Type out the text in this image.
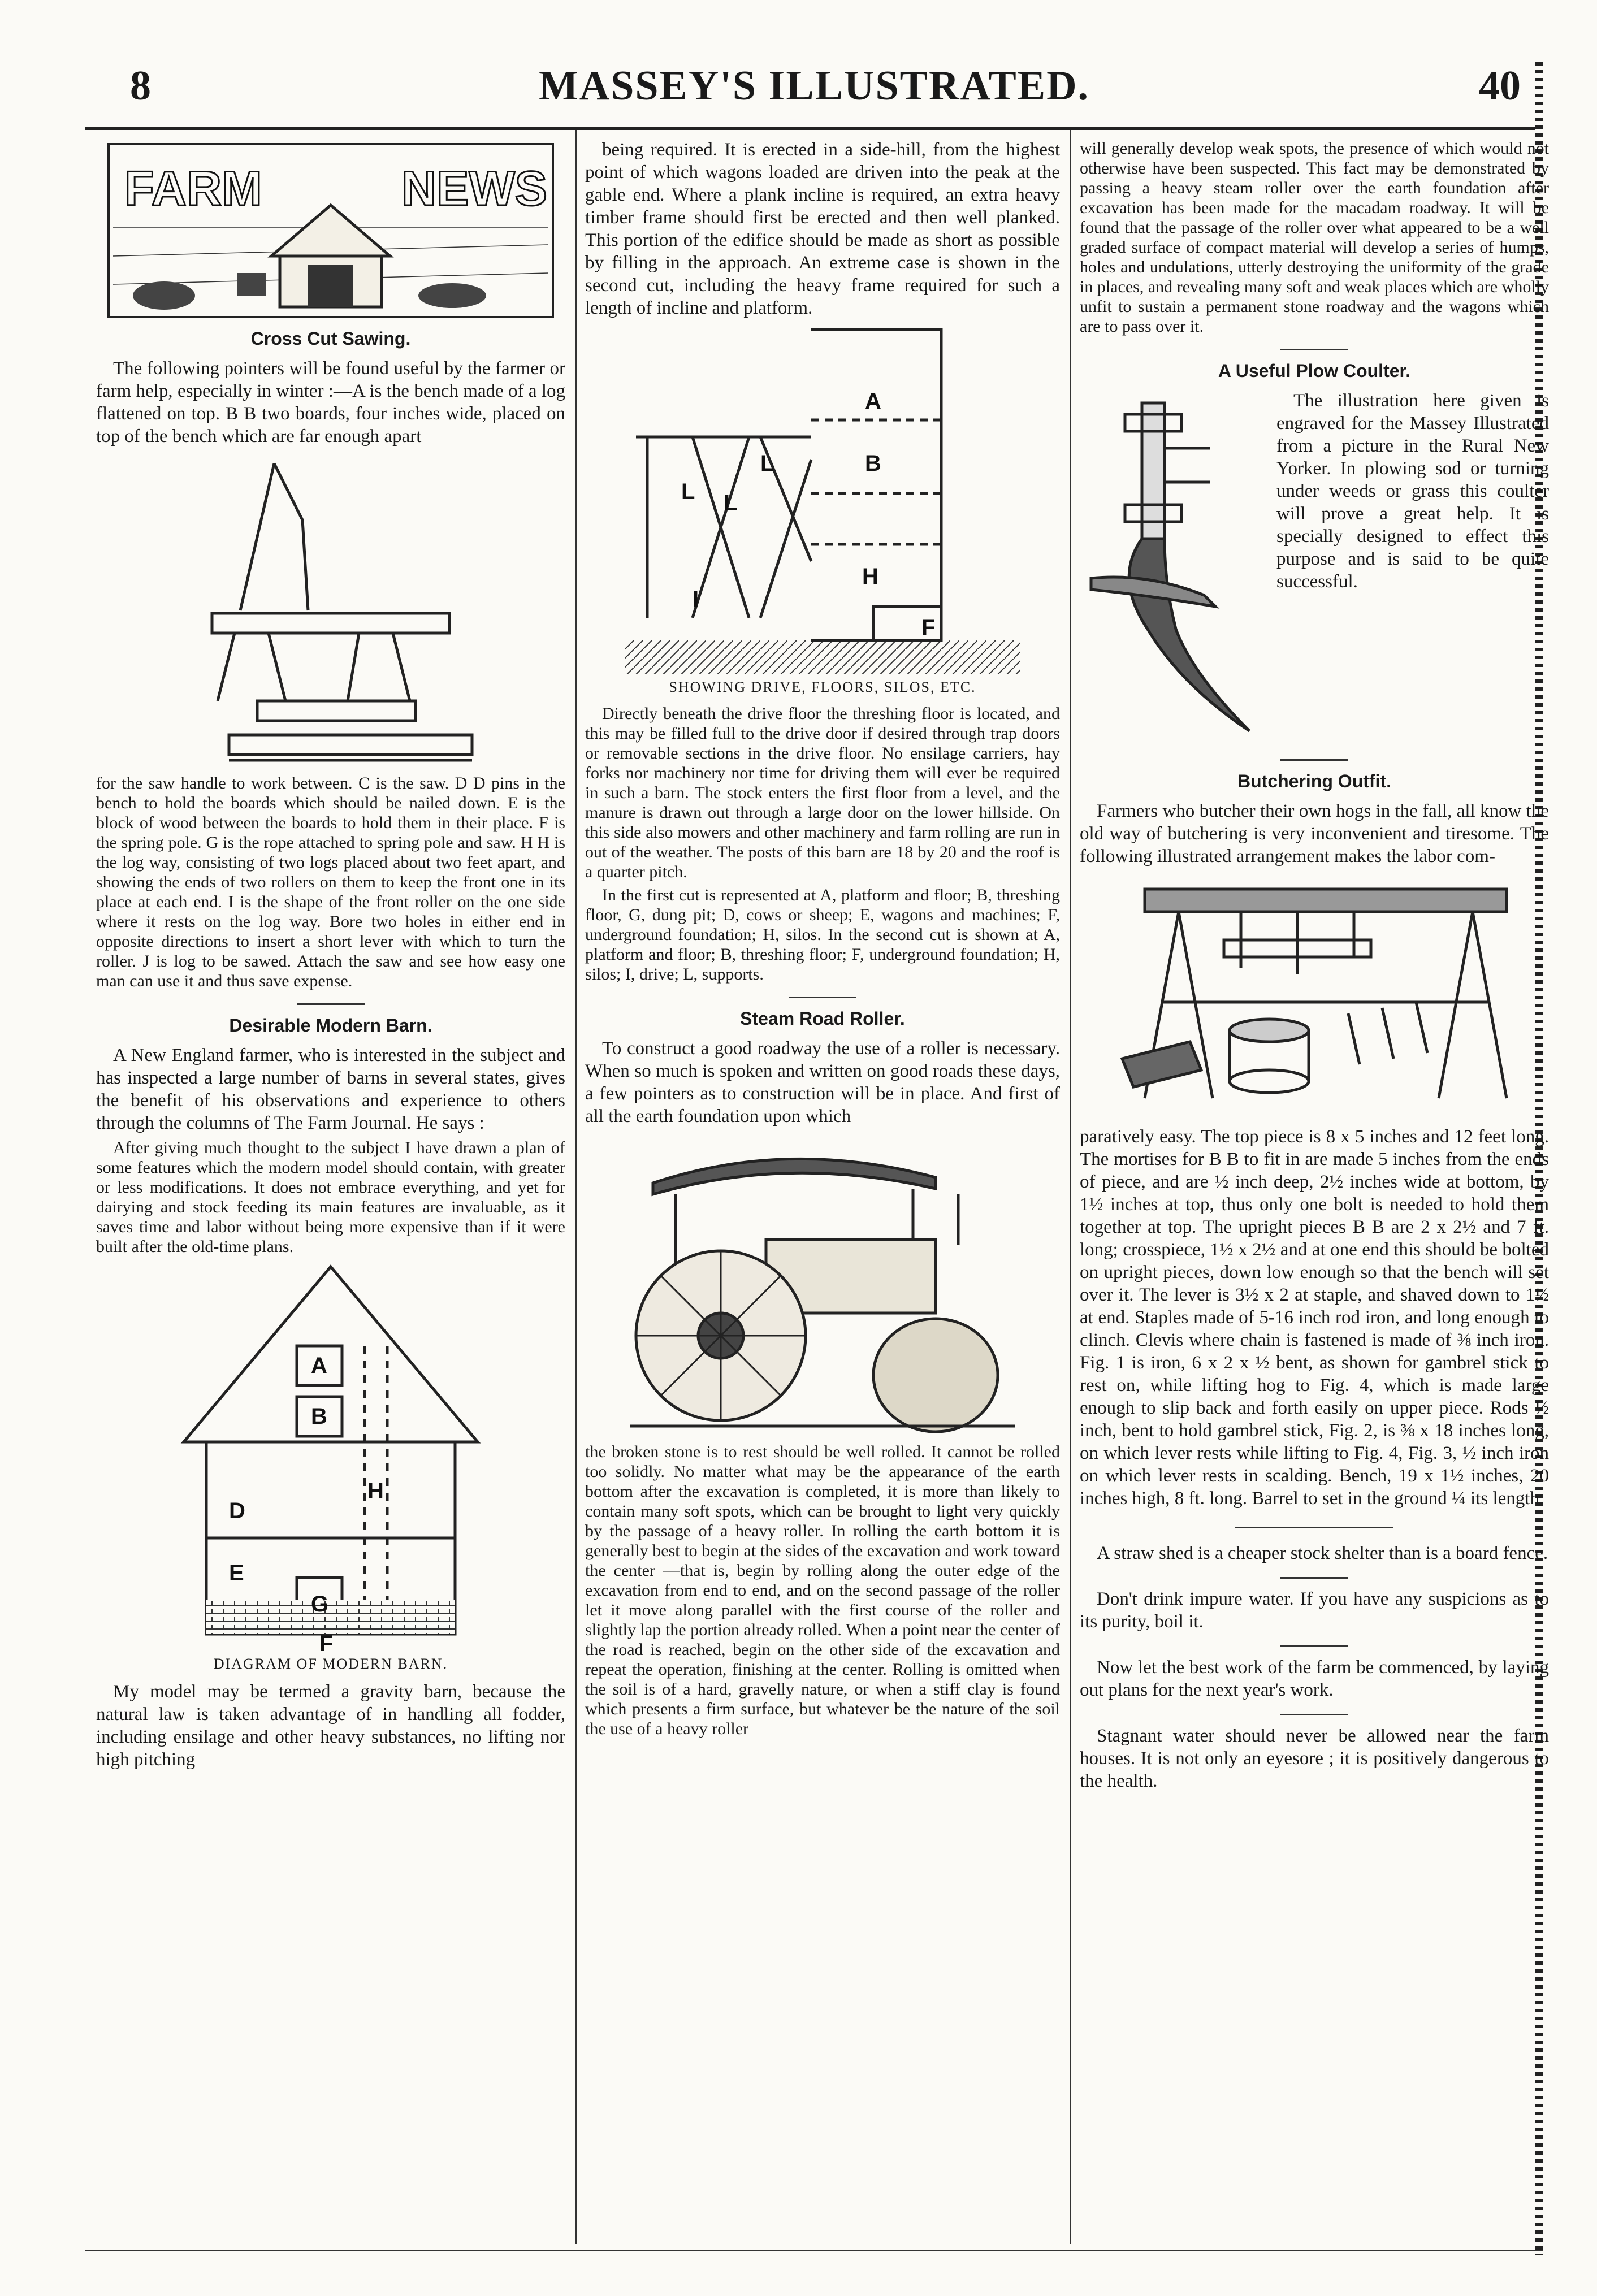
8	MASSEY'S ILLUSTRATED.	40
FARM	NEWS
Cross Cut Sawing.

The following pointers will be found useful by the farmer or farm help, especially in winter :—A is the bench made of a log flattened on top. B B two boards, four inches wide, placed on top of the bench which are far enough apart

for the saw handle to work between. C is the saw. D D pins in the bench to hold the boards which should be nailed down. E is the block of wood between the boards to hold them in their place. F is the spring pole. G is the rope attached to spring pole and saw. H H is the log way, consisting of two logs placed about two feet apart, and showing the ends of two rollers on them to keep the front one in its place at each end. I is the shape of the front roller on the one side where it rests on the log way. Bore two holes in either end in opposite directions to insert a short lever with which to turn the roller. J is log to be sawed. Attach the saw and see how easy one man can use it and thus save expense.

Desirable Modern Barn.

A New England farmer, who is interested in the subject and has inspected a large number of barns in several states, gives the benefit of his observations and experience to others through the columns of The Farm Journal. He says :

After giving much thought to the subject I have drawn a plan of some features which the modern model should contain, with greater or less modifications. It does not embrace everything, and yet for dairying and stock feeding its main features are invaluable, as it saves time and labor without being more expensive than if it were built after the old-time plans.

A
B
D
H
E
G
F
DIAGRAM OF MODERN BARN.

My model may be termed a gravity barn, because the natural law is taken advantage of in handling all fodder, including ensilage and other heavy substances, no lifting nor high pitching

being required. It is erected in a side-hill, from the highest point of which wagons loaded are driven into the peak at the gable end. Where a plank incline is required, an extra heavy timber frame should first be erected and then well planked. This portion of the edifice should be made as short as possible by filling in the approach. An extreme case is shown in the second cut, including the heavy frame required for such a length of incline and platform.

A
B
L
L L
H
I
F
SHOWING DRIVE, FLOORS, SILOS, ETC.

Directly beneath the drive floor the threshing floor is located, and this may be filled full to the drive door if desired through trap doors or removable sections in the drive floor. No ensilage carriers, hay forks nor machinery nor time for driving them will ever be required in such a barn. The stock enters the first floor from a level, and the manure is drawn out through a large door on the lower hillside. On this side also mowers and other machinery and farm rolling are run in out of the weather. The posts of this barn are 18 by 20 and the roof is a quarter pitch.

In the first cut is represented at A, platform and floor; B, threshing floor, G, dung pit; D, cows or sheep; E, wagons and machines; F, underground foundation; H, silos. In the second cut is shown at A, platform and floor; B, threshing floor; F, underground foundation; H, silos; I, drive; L, supports.

Steam Road Roller.

To construct a good roadway the use of a roller is necessary. When so much is spoken and written on good roads these days, a few pointers as to construction will be in place. And first of all the earth foundation upon which

the broken stone is to rest should be well rolled. It cannot be rolled too solidly. No matter what may be the appearance of the earth bottom after the excavation is completed, it is more than likely to contain many soft spots, which can be brought to light very quickly by the passage of a heavy roller. In rolling the earth bottom it is generally best to begin at the sides of the excavation and work toward the center —that is, begin by rolling along the outer edge of the excavation from end to end, and on the second passage of the roller let it move along parallel with the first course of the roller and slightly lap the portion already rolled. When a point near the center of the road is reached, begin on the other side of the excavation and repeat the operation, finishing at the center. Rolling is omitted when the soil is of a hard, gravelly nature, or when a stiff clay is found which presents a firm surface, but whatever be the nature of the soil the use of a heavy roller

will generally develop weak spots, the presence of which would not otherwise have been suspected. This fact may be demonstrated by passing a heavy steam roller over the earth foundation after excavation has been made for the macadam roadway. It will be found that the passage of the roller over what appeared to be a well graded surface of compact material will develop a series of humps, holes and undulations, utterly destroying the uniformity of the grade in places, and revealing many soft and weak places which are wholly unfit to sustain a permanent stone roadway and the wagons which are to pass over it.

A Useful Plow Coulter.

The illustration here given is engraved for the Massey Illustrated from a picture in the Rural New Yorker. In plowing sod or turning under weeds or grass this coulter will prove a great help. It is specially designed to effect this purpose and is said to be quite successful.

Butchering Outfit.

Farmers who butcher their own hogs in the fall, all know the old way of butchering is very inconvenient and tiresome. The following illustrated arrangement makes the labor com-

paratively easy. The top piece is 8 x 5 inches and 12 feet long. The mortises for B B to fit in are made 5 inches from the ends of piece, and are ½ inch deep, 2½ inches wide at bottom, by 1½ inches at top, thus only one bolt is needed to hold them together at top. The upright pieces B B are 2 x 2½ and 7 ft. long; crosspiece, 1½ x 2½ and at one end this should be bolted on upright pieces, down low enough so that the bench will set over it. The lever is 3½ x 2 at staple, and shaved down to 1½ at end. Staples made of 5-16 inch rod iron, and long enough to clinch. Clevis where chain is fastened is made of ⅜ inch iron. Fig. 1 is iron, 6 x 2 x ½ bent, as shown for gambrel stick to rest on, while lifting hog to Fig. 4, which is made large enough to slip back and forth easily on upper piece. Rods ½ inch, bent to hold gambrel stick, Fig. 2, is ⅜ x 18 inches long, on which lever rests while lifting to Fig. 4, Fig. 3, ½ inch iron on which lever rests in scalding. Bench, 19 x 1½ inches, 20 inches high, 8 ft. long. Barrel to set in the ground ¼ its length

A straw shed is a cheaper stock shelter than is a board fence.

Don't drink impure water. If you have any suspicions as to its purity, boil it.

Now let the best work of the farm be commenced, by laying out plans for the next year's work.

Stagnant water should never be allowed near the farm houses. It is not only an eyesore ; it is positively dangerous to the health.
